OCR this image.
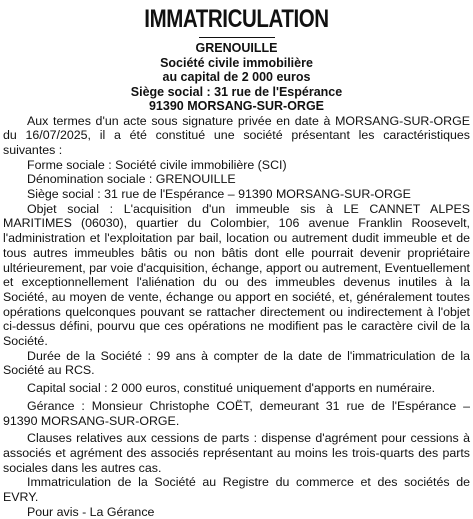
IMMATRICULATION
GRENOUILLE
Société civile immobilière
au capital de 2 000 euros
Siège social : 31 rue de l'Espérance
91390 MORSANG-SUR-ORGE

Aux termes d'un acte sous signature privée en date à MORSANG-SUR-ORGE du 16/07/2025, il a été constitué une société présentant les caractéristiques suivantes :

Forme sociale : Société civile immobilière (SCI)

Dénomination sociale : GRENOUILLE

Siège social : 31 rue de l'Espérance – 91390 MORSANG-SUR-ORGE

Objet social : L'acquisition d'un immeuble sis à LE CANNET ALPES MARITIMES (06030), quartier du Colombier, 106 avenue Franklin Roosevelt, l'administration et l'exploitation par bail, location ou autrement dudit immeuble et de tous autres immeubles bâtis ou non bâtis dont elle pourrait devenir propriétaire ultérieurement, par voie d'acquisition, échange, apport ou autrement, Eventuellement et exceptionnellement l'aliénation du ou des immeubles devenus inutiles à la Société, au moyen de vente, échange ou apport en société, et, généralement toutes opérations quelconques pouvant se rattacher directement ou indirectement à l'objet ci-dessus défini, pourvu que ces opérations ne modifient pas le caractère civil de la Société.

Durée de la Société : 99 ans à compter de la date de l'immatriculation de la Société au RCS.

Capital social : 2 000 euros, constitué uniquement d'apports en numéraire.

Gérance : Monsieur Christophe COËT, demeurant 31 rue de l'Espérance – 91390 MORSANG-SUR-ORGE.

Clauses relatives aux cessions de parts : dispense d'agrément pour cessions à associés et agrément des associés représentant au moins les trois-quarts des parts sociales dans les autres cas.

Immatriculation de la Société au Registre du commerce et des sociétés de EVRY.

Pour avis - La Gérance
